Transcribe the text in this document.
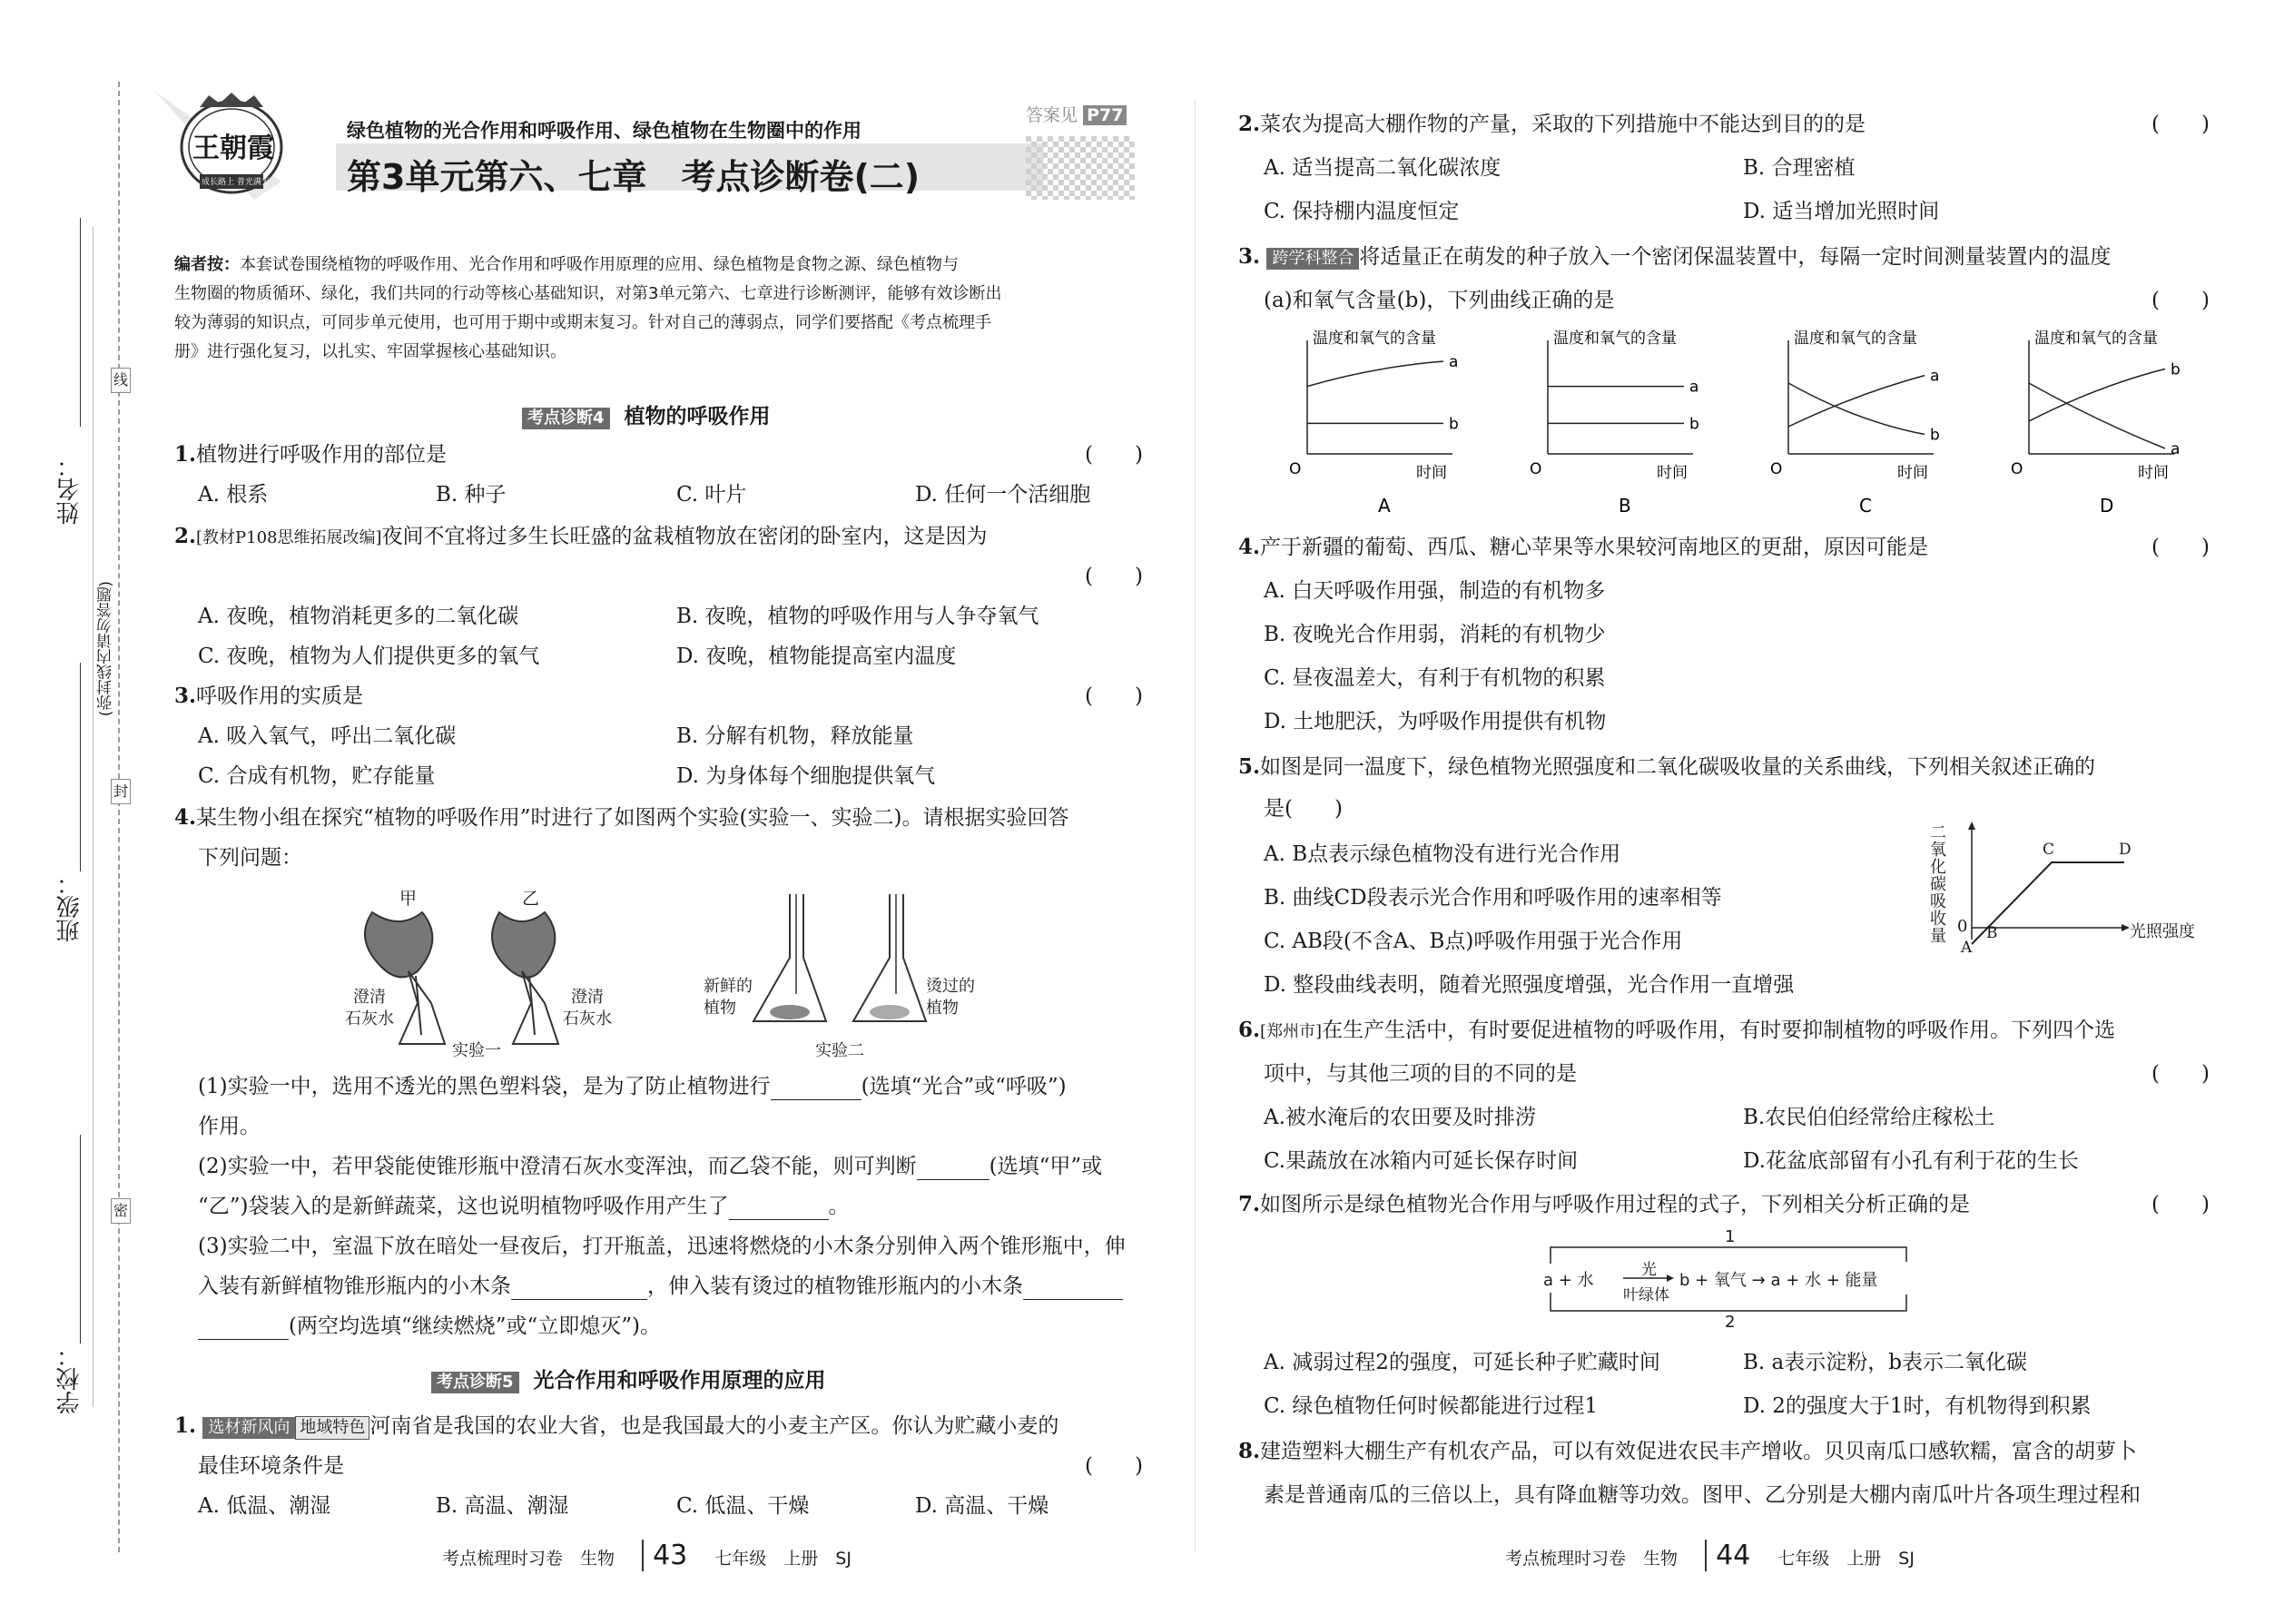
姓名：
班级：
学校：
(弥封线内请勿答题)
线
封
密
王朝霞
成长路上 普光满天
绿色植物的光合作用和呼吸作用、绿色植物在生物圈中的作用
第3单元第六、七章　考点诊断卷(二)
答案见 P77
编者按：本套试卷围绕植物的呼吸作用、光合作用和呼吸作用原理的应用、绿色植物是食物之源、绿色植物与
生物圈的物质循环、绿化，我们共同的行动等核心基础知识，对第3单元第六、七章进行诊断测评，能够有效诊断出
较为薄弱的知识点，可同步单元使用，也可用于期中或期末复习。针对自己的薄弱点，同学们要搭配《考点梳理手
册》进行强化复习，以扎实、牢固掌握核心基础知识。
考点诊断4 植物的呼吸作用
1.植物进行呼吸作用的部位是	(　　)
A. 根系	B. 种子	C. 叶片	D. 任何一个活细胞
2.[教材P108思维拓展改编]夜间不宜将过多生长旺盛的盆栽植物放在密闭的卧室内，这是因为
(　　)
A. 夜晚，植物消耗更多的二氧化碳	B. 夜晚，植物的呼吸作用与人争夺氧气
C. 夜晚，植物为人们提供更多的氧气	D. 夜晚，植物能提高室内温度
3.呼吸作用的实质是	(　　)
A. 吸入氧气，呼出二氧化碳	B. 分解有机物，释放能量
C. 合成有机物，贮存能量	D. 为身体每个细胞提供氧气
4.某生物小组在探究“植物的呼吸作用”时进行了如图两个实验(实验一、实验二)。请根据实验回答
下列问题：
甲	乙
澄清
石灰水
澄清
石灰水
实验一
新鲜的
植物
烫过的
植物
实验二
(1)实验一中，选用不透光的黑色塑料袋，是为了防止植物进行	(选填“光合”或“呼吸”)
作用。
(2)实验一中，若甲袋能使锥形瓶中澄清石灰水变浑浊，而乙袋不能，则可判断	(选填“甲”或
“乙”)袋装入的是新鲜蔬菜，这也说明植物呼吸作用产生了	。
(3)实验二中，室温下放在暗处一昼夜后，打开瓶盖，迅速将燃烧的小木条分别伸入两个锥形瓶中，伸
入装有新鲜植物锥形瓶内的小木条	，伸入装有烫过的植物锥形瓶内的小木条
(两空均选填“继续燃烧”或“立即熄灭”)。
考点诊断5 光合作用和呼吸作用原理的应用
1. 选材新风向 地域特色 河南省是我国的农业大省，也是我国最大的小麦主产区。你认为贮藏小麦的
最佳环境条件是	(　　)
A. 低温、潮湿	B. 高温、潮湿	C. 低温、干燥	D. 高温、干燥
考点梳理时习卷　生物 43 七年级　上册　SJ
2.菜农为提高大棚作物的产量，采取的下列措施中不能达到目的的是	(　　)
A. 适当提高二氧化碳浓度	B. 合理密植
C. 保持棚内温度恒定	D. 适当增加光照时间
3. 跨学科整合 将适量正在萌发的种子放入一个密闭保温装置中，每隔一定时间测量装置内的温度
(a)和氧气含量(b)，下列曲线正确的是	(　　)
温度和氧气的含量
时间
O
A
a
b
温度和氧气的含量
时间
O
B
a
b
温度和氧气的含量
时间
O
C
a
b
温度和氧气的含量
时间
O
D
b
a
4.产于新疆的葡萄、西瓜、糖心苹果等水果较河南地区的更甜，原因可能是	(　　)
A. 白天呼吸作用强，制造的有机物多
B. 夜晚光合作用弱，消耗的有机物少
C. 昼夜温差大，有利于有机物的积累
D. 土地肥沃，为呼吸作用提供有机物
5.如图是同一温度下，绿色植物光照强度和二氧化碳吸收量的关系曲线，下列相关叙述正确的
是(　　)
A. B点表示绿色植物没有进行光合作用
B. 曲线CD段表示光合作用和呼吸作用的速率相等
C. AB段(不含A、B点)呼吸作用强于光合作用
D. 整段曲线表明，随着光照强度增强，光合作用一直增强
二
氧
化
碳
吸
收
量
0	光照强度
A
B
C	D
6.[郑州市]在生产生活中，有时要促进植物的呼吸作用，有时要抑制植物的呼吸作用。下列四个选
项中，与其他三项的目的不同的是	(　　)
A.被水淹后的农田要及时排涝	B.农民伯伯经常给庄稼松土
C.果蔬放在冰箱内可延长保存时间	D.花盆底部留有小孔有利于花的生长
7.如图所示是绿色植物光合作用与呼吸作用过程的式子，下列相关分析正确的是	(　　)
1
a + 水
光
叶绿体
b + 氧气 → a + 水 + 能量
2
A. 减弱过程2的强度，可延长种子贮藏时间	B. a表示淀粉，b表示二氧化碳
C. 绿色植物任何时候都能进行过程1	D. 2的强度大于1时，有机物得到积累
8.建造塑料大棚生产有机农产品，可以有效促进农民丰产增收。贝贝南瓜口感软糯，富含的胡萝卜
素是普通南瓜的三倍以上，具有降血糖等功效。图甲、乙分别是大棚内南瓜叶片各项生理过程和
考点梳理时习卷　生物 44 七年级　上册　SJ
